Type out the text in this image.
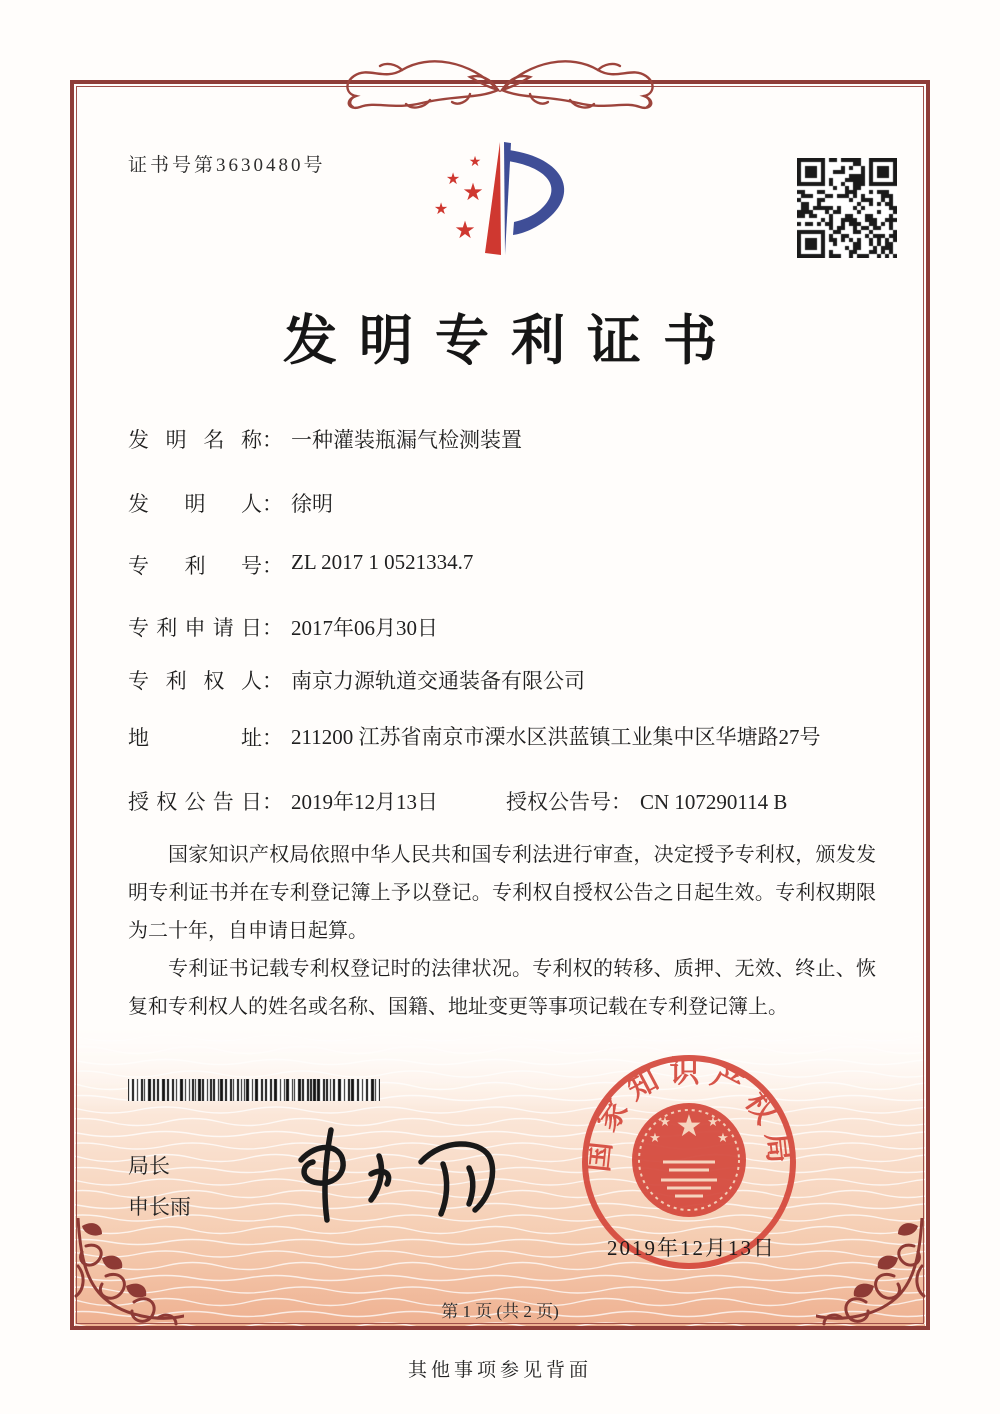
证书号第3630480号	★
★ ★
★
★
发明专利证书
发明名称： 一种灌装瓶漏气检测装置
发明人： 徐明
专利号： ZL 2017 1 0521334.7
专利申请日： 2017年06月30日
专利权人： 南京力源轨道交通装备有限公司
地址： 211200 江苏省南京市溧水区洪蓝镇工业集中区华塘路27号
授权公告日： 2019年12月13日	授权公告号： CN 107290114 B

国家知识产权局依照中华人民共和国专利法进行审查，决定授予专利权，颁发发明专利证书并在专利登记簿上予以登记。专利权自授权公告之日起生效。专利权期限为二十年，自申请日起算。

专利证书记载专利权登记时的法律状况。专利权的转移、质押、无效、终止、恢复和专利权人的姓名或名称、国籍、地址变更等事项记载在专利登记簿上。

局长
申长雨
国家知识产权局
★
★	★
★	★
2019年12月13日
第 1 页 (共 2 页)
其他事项参见背面
